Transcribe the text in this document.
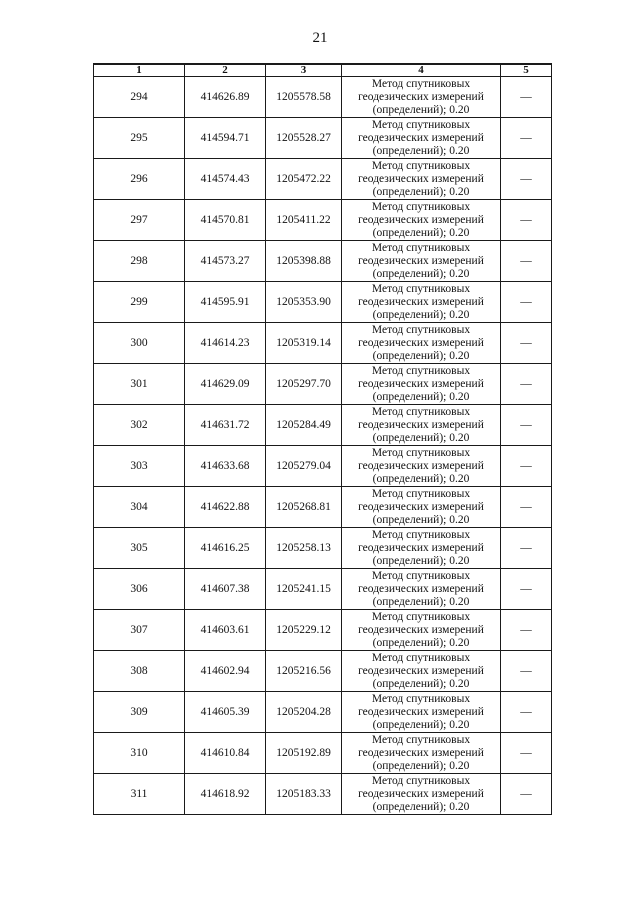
21
1	2	3	4	5
294	414626.89	1205578.58	Метод спутниковых
геодезических измерений
(определений); 0.20	—
295	414594.71	1205528.27	Метод спутниковых
геодезических измерений
(определений); 0.20	—
296	414574.43	1205472.22	Метод спутниковых
геодезических измерений
(определений); 0.20	—
297	414570.81	1205411.22	Метод спутниковых
геодезических измерений
(определений); 0.20	—
298	414573.27	1205398.88	Метод спутниковых
геодезических измерений
(определений); 0.20	—
299	414595.91	1205353.90	Метод спутниковых
геодезических измерений
(определений); 0.20	—
300	414614.23	1205319.14	Метод спутниковых
геодезических измерений
(определений); 0.20	—
301	414629.09	1205297.70	Метод спутниковых
геодезических измерений
(определений); 0.20	—
302	414631.72	1205284.49	Метод спутниковых
геодезических измерений
(определений); 0.20	—
303	414633.68	1205279.04	Метод спутниковых
геодезических измерений
(определений); 0.20	—
304	414622.88	1205268.81	Метод спутниковых
геодезических измерений
(определений); 0.20	—
305	414616.25	1205258.13	Метод спутниковых
геодезических измерений
(определений); 0.20	—
306	414607.38	1205241.15	Метод спутниковых
геодезических измерений
(определений); 0.20	—
307	414603.61	1205229.12	Метод спутниковых
геодезических измерений
(определений); 0.20	—
308	414602.94	1205216.56	Метод спутниковых
геодезических измерений
(определений); 0.20	—
309	414605.39	1205204.28	Метод спутниковых
геодезических измерений
(определений); 0.20	—
310	414610.84	1205192.89	Метод спутниковых
геодезических измерений
(определений); 0.20	—
311	414618.92	1205183.33	Метод спутниковых
геодезических измерений
(определений); 0.20	—
